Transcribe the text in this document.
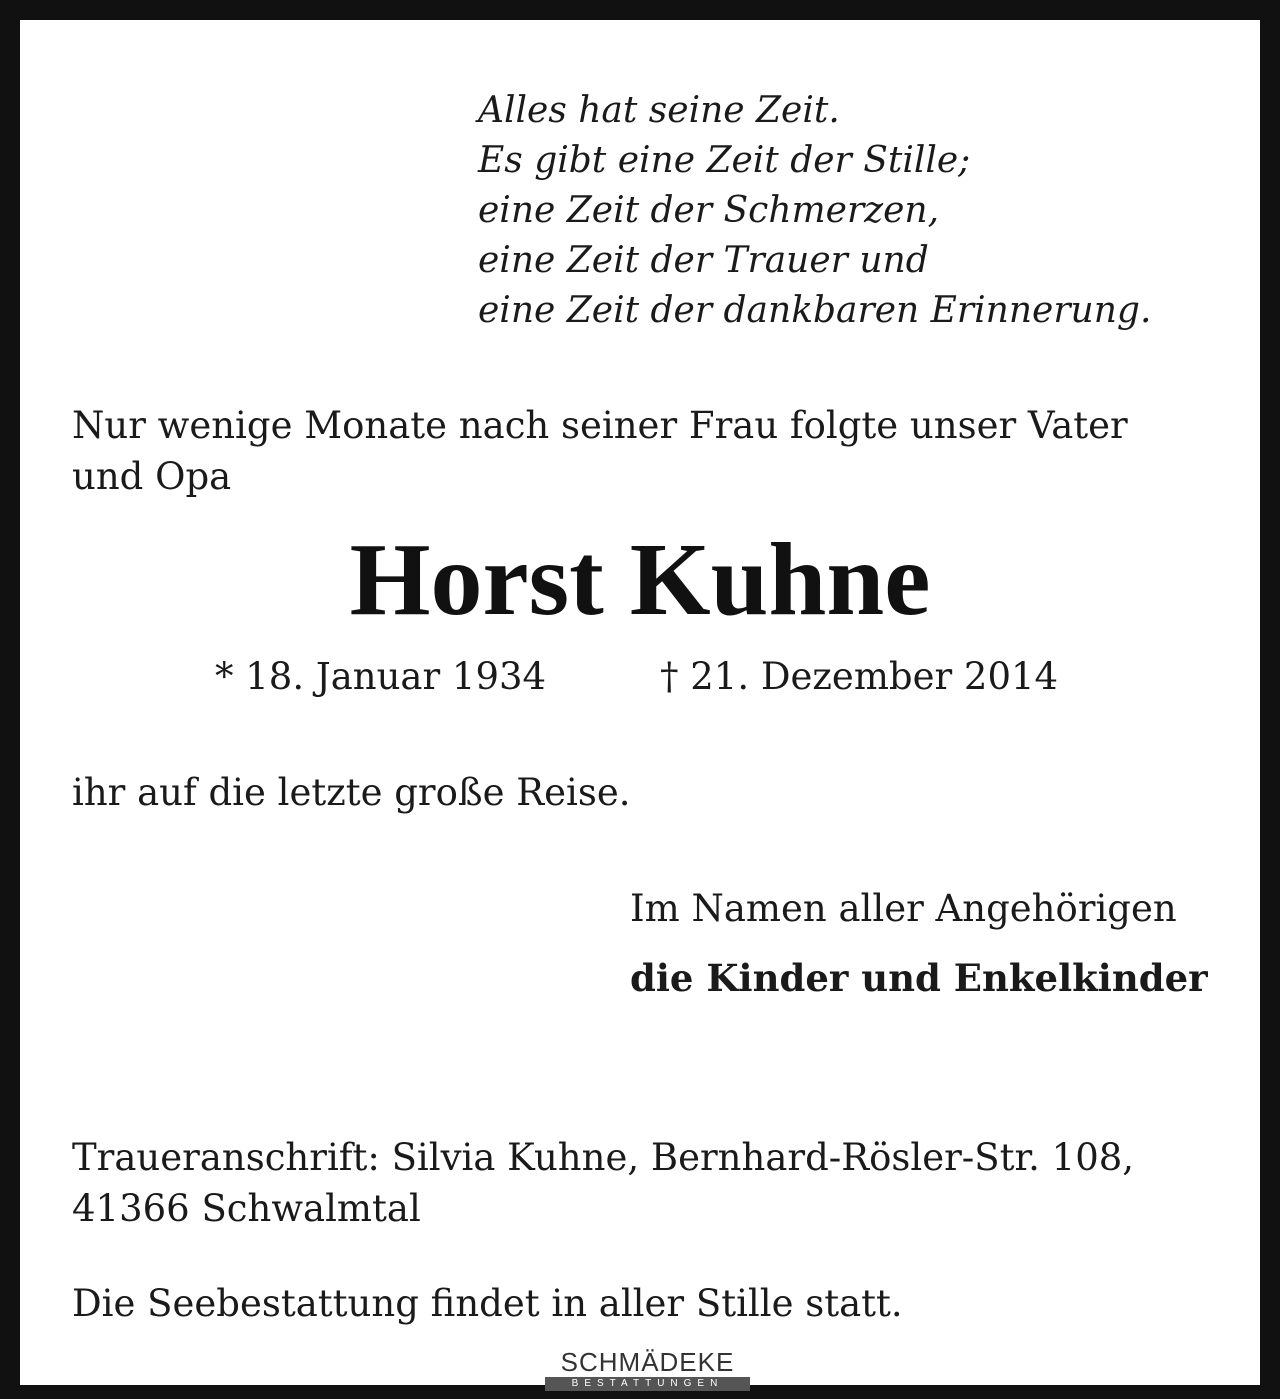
Alles hat seine Zeit.
Es gibt eine Zeit der Stille;
eine Zeit der Schmerzen,
eine Zeit der Trauer und
eine Zeit der dankbaren Erinnerung.
Nur wenige Monate nach seiner Frau folgte unser Vater
und Opa
Horst Kuhne
* 18. Januar 1934	† 21. Dezember 2014
ihr auf die letzte große Reise.
Im Namen aller Angehörigen
die Kinder und Enkelkinder
Traueranschrift: Silvia Kuhne, Bernhard-Rösler-Str. 108,
41366 Schwalmtal
Die Seebestattung findet in aller Stille statt.
SCHMÄDEKE
BESTATTUNGEN
